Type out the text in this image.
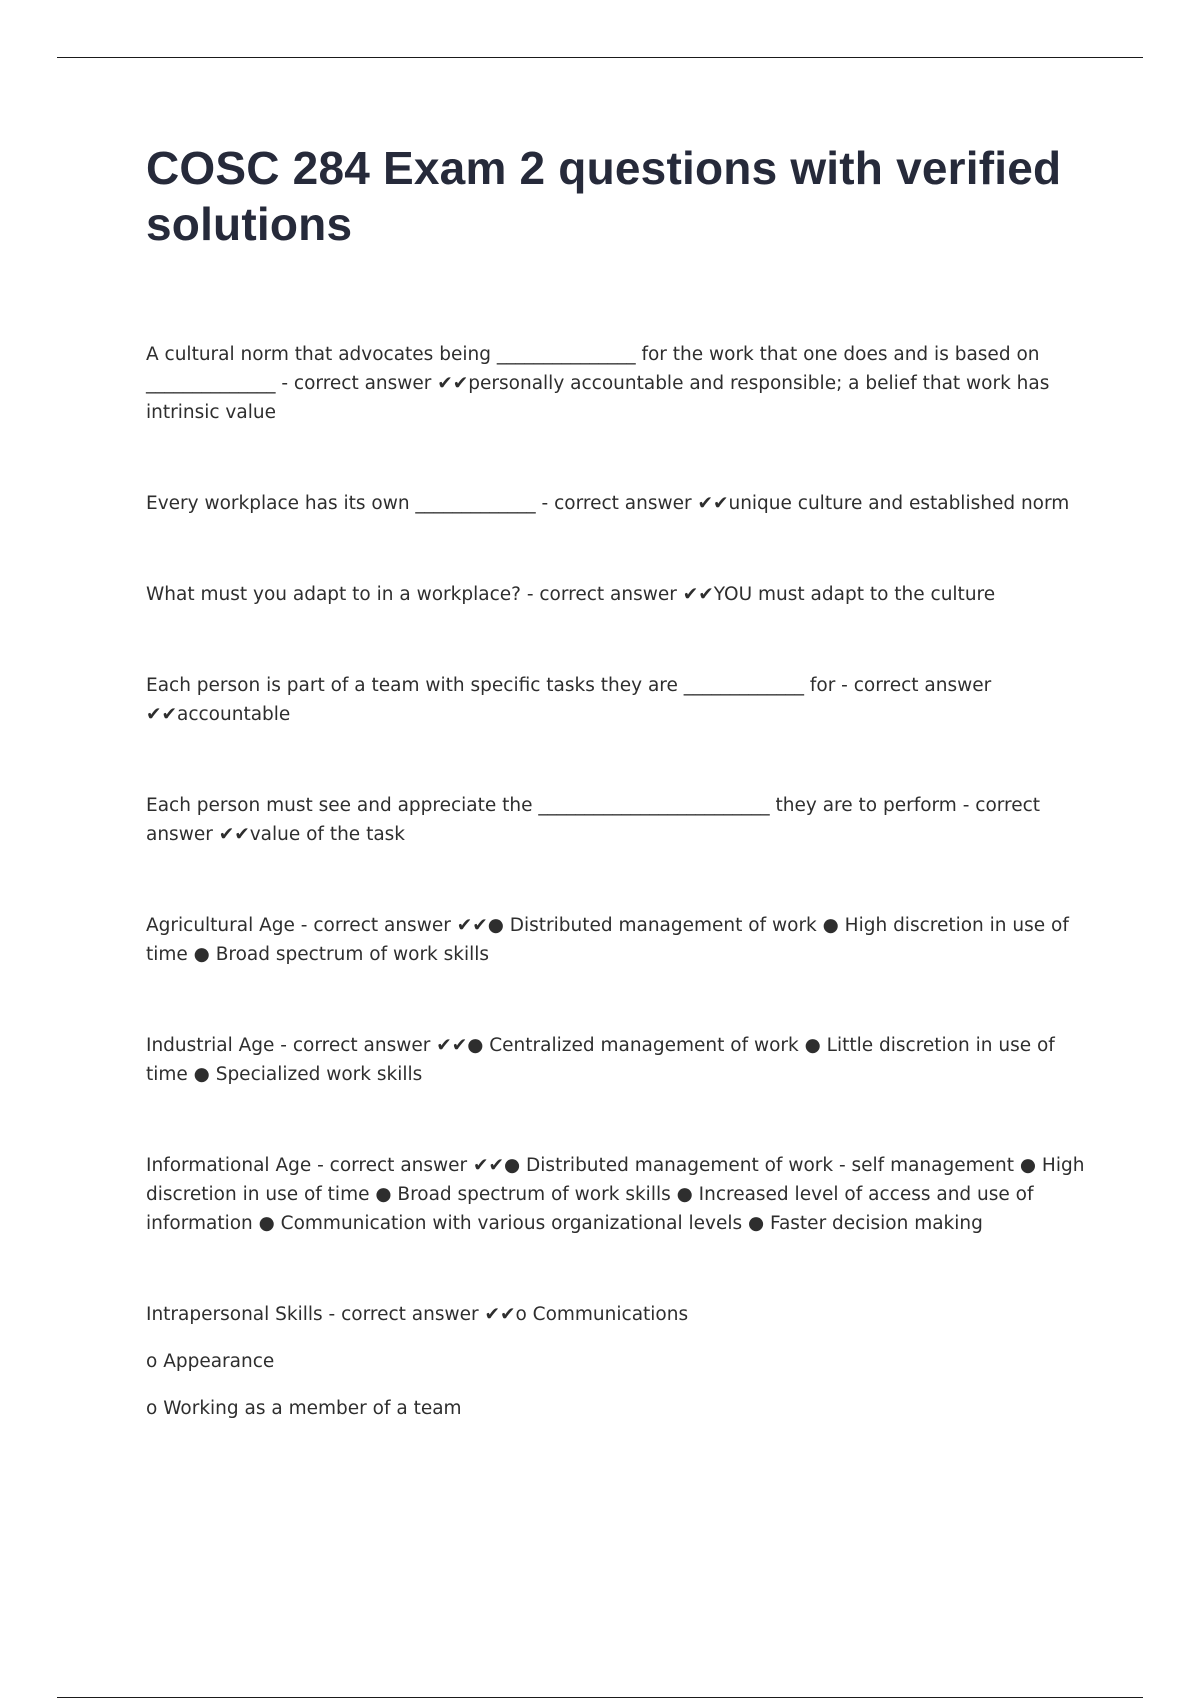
COSC 284 Exam 2 questions with verified solutions

A cultural norm that advocates being _______________ for the work that one does and is based on ______________ - correct answer ✔✔personally accountable and responsible; a belief that work has intrinsic value

Every workplace has its own _____________ - correct answer ✔✔unique culture and established norm

What must you adapt to in a workplace? - correct answer ✔✔YOU must adapt to the culture

Each person is part of a team with specific tasks they are _____________ for - correct answer ✔✔accountable

Each person must see and appreciate the _________________________ they are to perform - correct answer ✔✔value of the task

Agricultural Age - correct answer ✔✔● Distributed management of work ● High discretion in use of time ● Broad spectrum of work skills

Industrial Age - correct answer ✔✔● Centralized management of work ● Little discretion in use of time ● Specialized work skills

Informational Age - correct answer ✔✔● Distributed management of work - self management ● High discretion in use of time ● Broad spectrum of work skills ● Increased level of access and use of information ● Communication with various organizational levels ● Faster decision making

Intrapersonal Skills - correct answer ✔✔o Communications
o Appearance
o Working as a member of a team
